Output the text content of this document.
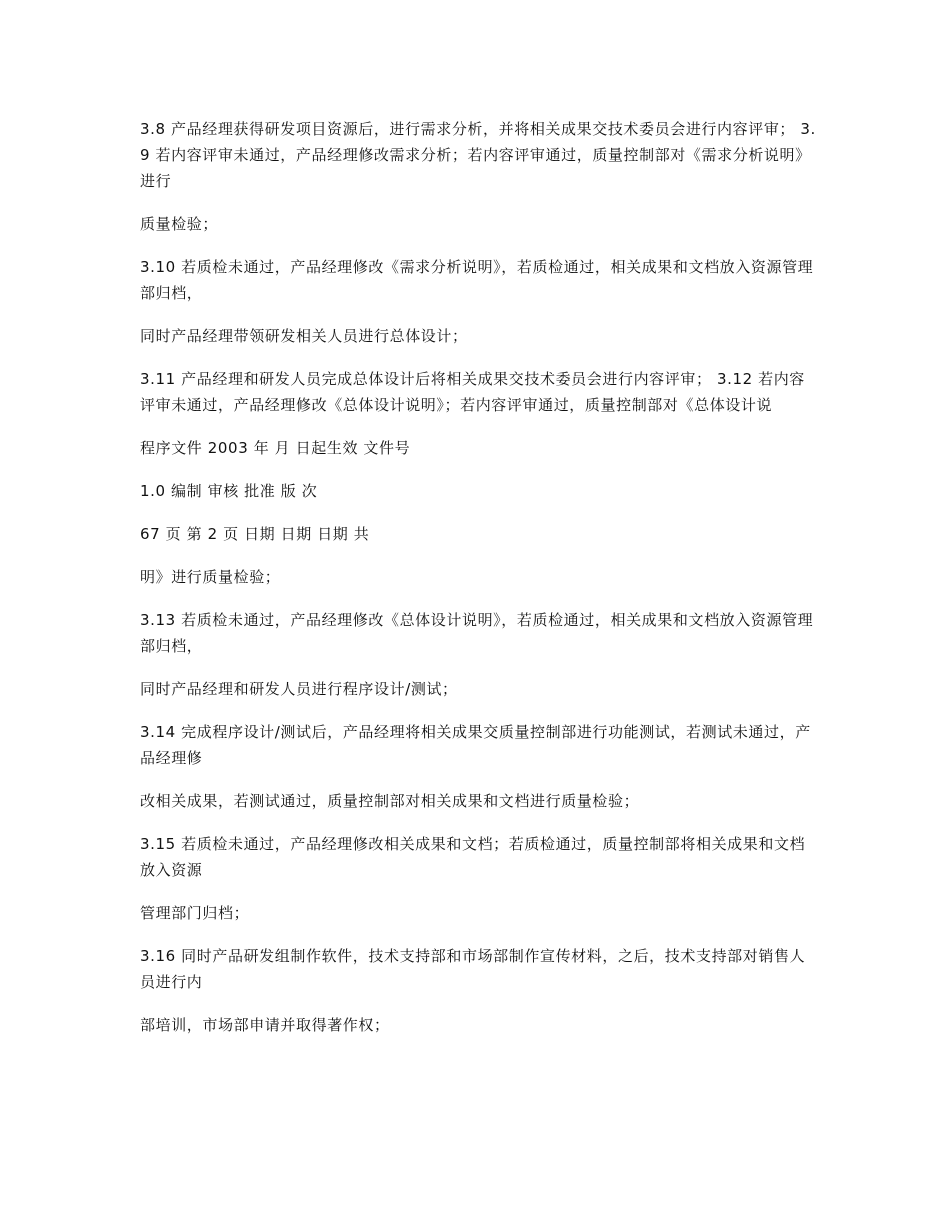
3.8 产品经理获得研发项目资源后，进行需求分析，并将相关成果交技术委员会进行内容评审； 3.9 若内容评审未通过，产品经理修改需求分析；若内容评审通过，质量控制部对《需求分析说明》进行

质量检验；

3.10 若质检未通过，产品经理修改《需求分析说明》，若质检通过，相关成果和文档放入资源管理部归档，

同时产品经理带领研发相关人员进行总体设计；

3.11 产品经理和研发人员完成总体设计后将相关成果交技术委员会进行内容评审； 3.12 若内容评审未通过，产品经理修改《总体设计说明》；若内容评审通过，质量控制部对《总体设计说

程序文件 2003 年 月 日起生效 文件号

1.0 编制 审核 批准 版 次

67 页 第 2 页 日期 日期 日期 共

明》进行质量检验；

3.13 若质检未通过，产品经理修改《总体设计说明》，若质检通过，相关成果和文档放入资源管理部归档，

同时产品经理和研发人员进行程序设计/测试；

3.14 完成程序设计/测试后，产品经理将相关成果交质量控制部进行功能测试，若测试未通过，产品经理修

改相关成果，若测试通过，质量控制部对相关成果和文档进行质量检验；

3.15 若质检未通过，产品经理修改相关成果和文档；若质检通过，质量控制部将相关成果和文档放入资源

管理部门归档；

3.16 同时产品研发组制作软件，技术支持部和市场部制作宣传材料，之后，技术支持部对销售人员进行内

部培训，市场部申请并取得著作权；
